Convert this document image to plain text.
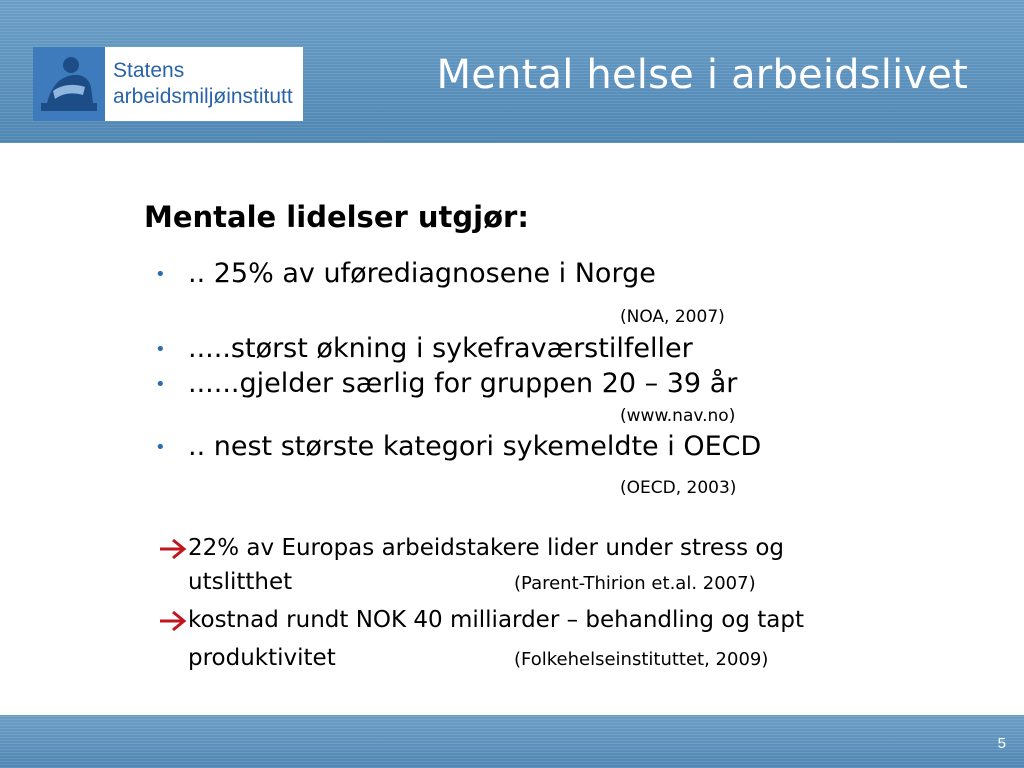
Statens
arbeidsmiljøinstitutt	Mental helse i arbeidslivet
Mentale lidelser utgjør:
• .. 25% av uførediagnosene i Norge
(NOA, 2007)
• .....størst økning i sykefraværstilfeller
• ......gjelder særlig for gruppen 20 – 39 år
(www.nav.no)
• .. nest største kategori sykemeldte i OECD
(OECD, 2003)
22% av Europas arbeidstakere lider under stress og
utslitthet	(Parent-Thirion et.al. 2007)
kostnad rundt NOK 40 milliarder – behandling og tapt
produktivitet	(Folkehelseinstituttet, 2009)
5
